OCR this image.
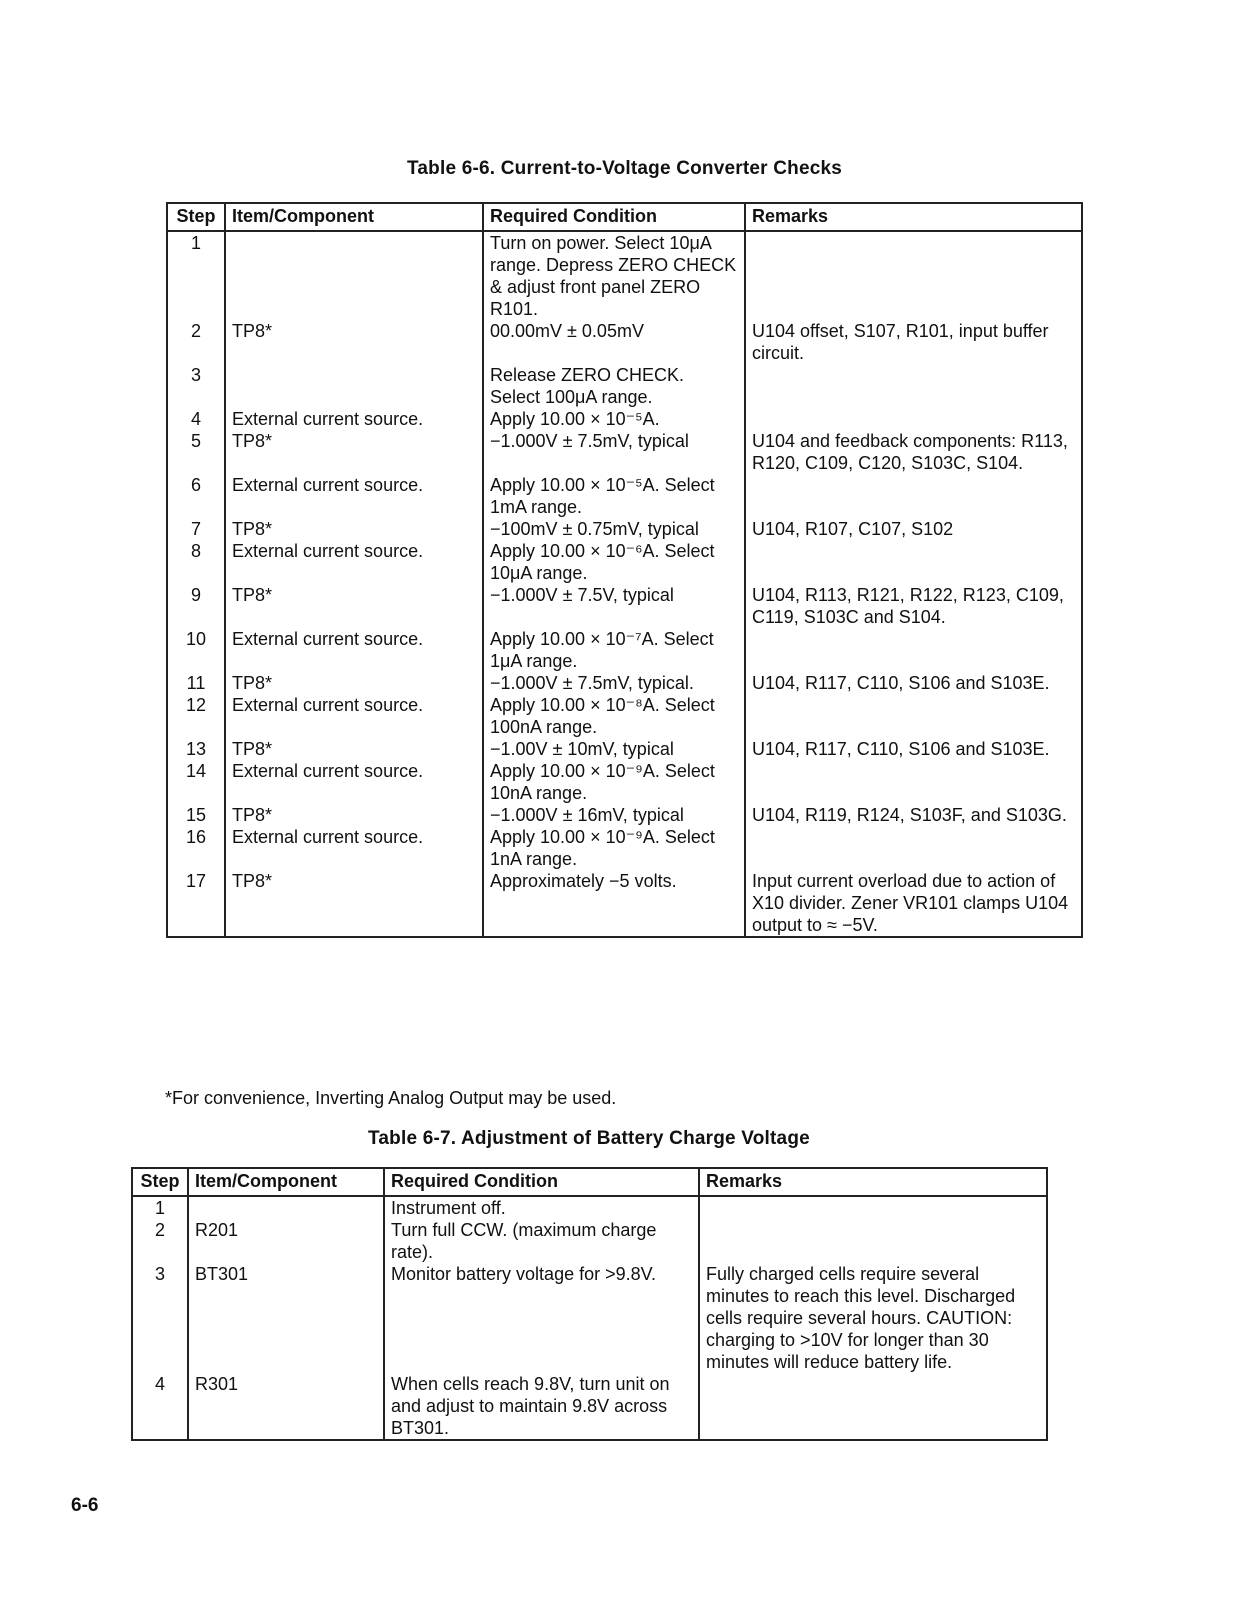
Table 6-6. Current-to-Voltage Converter Checks
Step	Item/Component	Required Condition	Remarks
1		Turn on power. Select 10μA range. Depress ZERO CHECK & adjust front panel ZERO R101.	
2	TP8*	00.00mV ± 0.05mV	U104 offset, S107, R101, input buffer circuit.
3		Release ZERO CHECK. Select 100μA range.	
4	External current source.	Apply 10.00 × 10⁻⁵A.	
5	TP8*	−1.000V ± 7.5mV, typical	U104 and feedback components: R113, R120, C109, C120, S103C, S104.
6	External current source.	Apply 10.00 × 10⁻⁵A. Select 1mA range.	
7	TP8*	−100mV ± 0.75mV, typical	U104, R107, C107, S102
8	External current source.	Apply 10.00 × 10⁻⁶A. Select 10μA range.	
9	TP8*	−1.000V ± 7.5V, typical	U104, R113, R121, R122, R123, C109, C119, S103C and S104.
10	External current source.	Apply 10.00 × 10⁻⁷A. Select 1μA range.	
11	TP8*	−1.000V ± 7.5mV, typical.	U104, R117, C110, S106 and S103E.
12	External current source.	Apply 10.00 × 10⁻⁸A. Select 100nA range.	
13	TP8*	−1.00V ± 10mV, typical	U104, R117, C110, S106 and S103E.
14	External current source.	Apply 10.00 × 10⁻⁹A. Select 10nA range.	
15	TP8*	−1.000V ± 16mV, typical	U104, R119, R124, S103F, and S103G.
16	External current source.	Apply 10.00 × 10⁻⁹A. Select 1nA range.	
17	TP8*	Approximately −5 volts.	Input current overload due to action of X10 divider. Zener VR101 clamps U104 output to ≈ −5V.
*For convenience, Inverting Analog Output may be used.
Table 6-7. Adjustment of Battery Charge Voltage
Step	Item/Component	Required Condition	Remarks
1		Instrument off.	
2	R201	Turn full CCW. (maximum charge rate).	
3	BT301	Monitor battery voltage for >9.8V.	Fully charged cells require several minutes to reach this level. Discharged cells require several hours. CAUTION: charging to >10V for longer than 30 minutes will reduce battery life.
4	R301	When cells reach 9.8V, turn unit on and adjust to maintain 9.8V across BT301.	
6-6
